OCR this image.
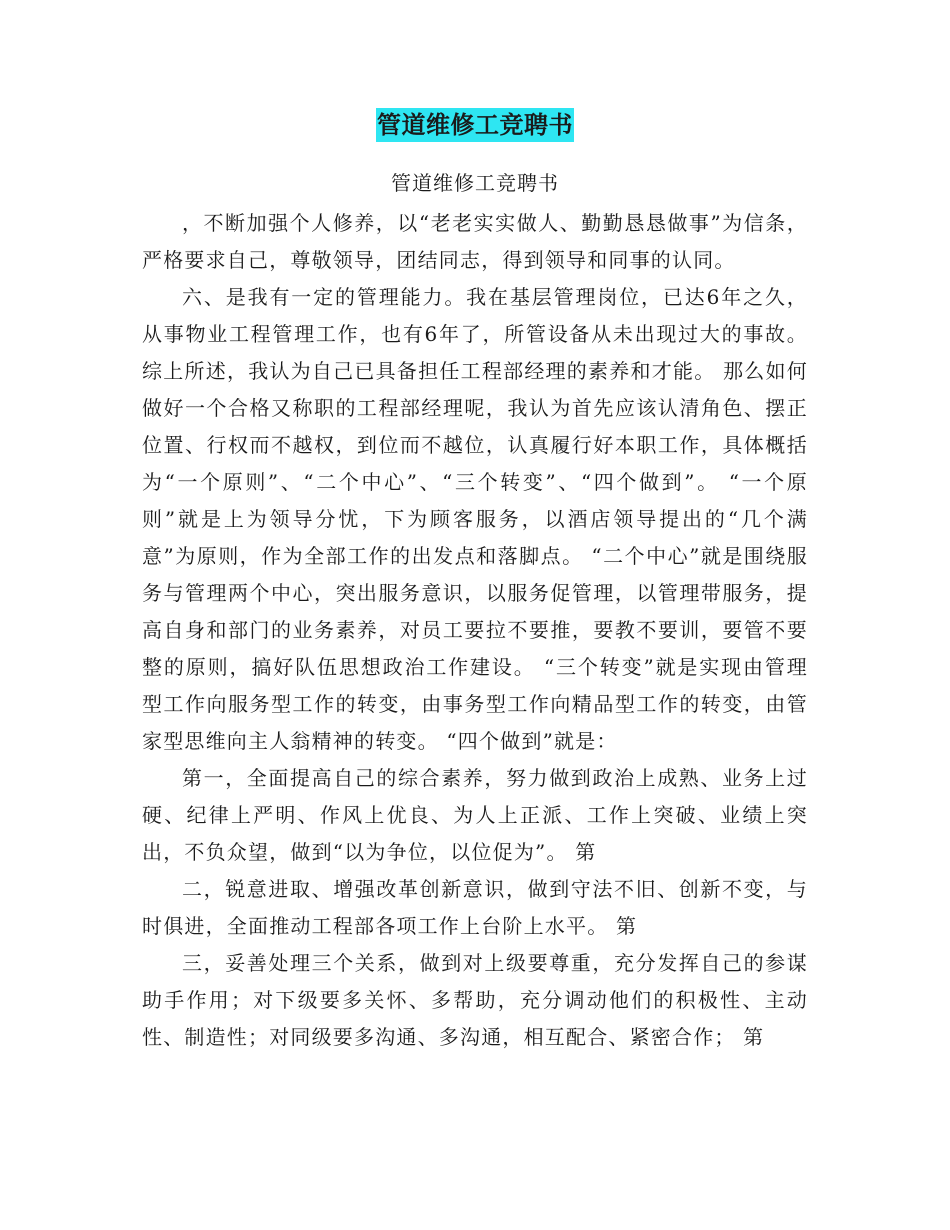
管道维修工竞聘书
管道维修工竞聘书

，不断加强个人修养，以“老老实实做人、勤勤恳恳做事”为信条，严格要求自己，尊敬领导，团结同志，得到领导和同事的认同。

六、是我有一定的管理能力。我在基层管理岗位，已达6年之久，从事物业工程管理工作，也有6年了，所管设备从未出现过大的事故。 综上所述，我认为自己已具备担任工程部经理的素养和才能。 那么如何做好一个合格又称职的工程部经理呢，我认为首先应该认清角色、摆正位置、行权而不越权，到位而不越位，认真履行好本职工作，具体概括为“一个原则”、“二个中心”、“三个转变”、“四个做到”。 “一个原则”就是上为领导分忧，下为顾客服务，以酒店领导提出的“几个满意”为原则，作为全部工作的出发点和落脚点。 “二个中心”就是围绕服务与管理两个中心，突出服务意识，以服务促管理，以管理带服务，提高自身和部门的业务素养，对员工要拉不要推，要教不要训，要管不要整的原则，搞好队伍思想政治工作建设。 “三个转变”就是实现由管理型工作向服务型工作的转变，由事务型工作向精品型工作的转变，由管家型思维向主人翁精神的转变。 “四个做到”就是：

第一，全面提高自己的综合素养，努力做到政治上成熟、业务上过硬、纪律上严明、作风上优良、为人上正派、工作上突破、业绩上突出，不负众望，做到“以为争位，以位促为”。 第

二，锐意进取、增强改革创新意识，做到守法不旧、创新不变，与时俱进，全面推动工程部各项工作上台阶上水平。 第

三，妥善处理三个关系，做到对上级要尊重，充分发挥自己的参谋助手作用；对下级要多关怀、多帮助，充分调动他们的积极性、主动性、制造性；对同级要多沟通、多沟通，相互配合、紧密合作； 第
